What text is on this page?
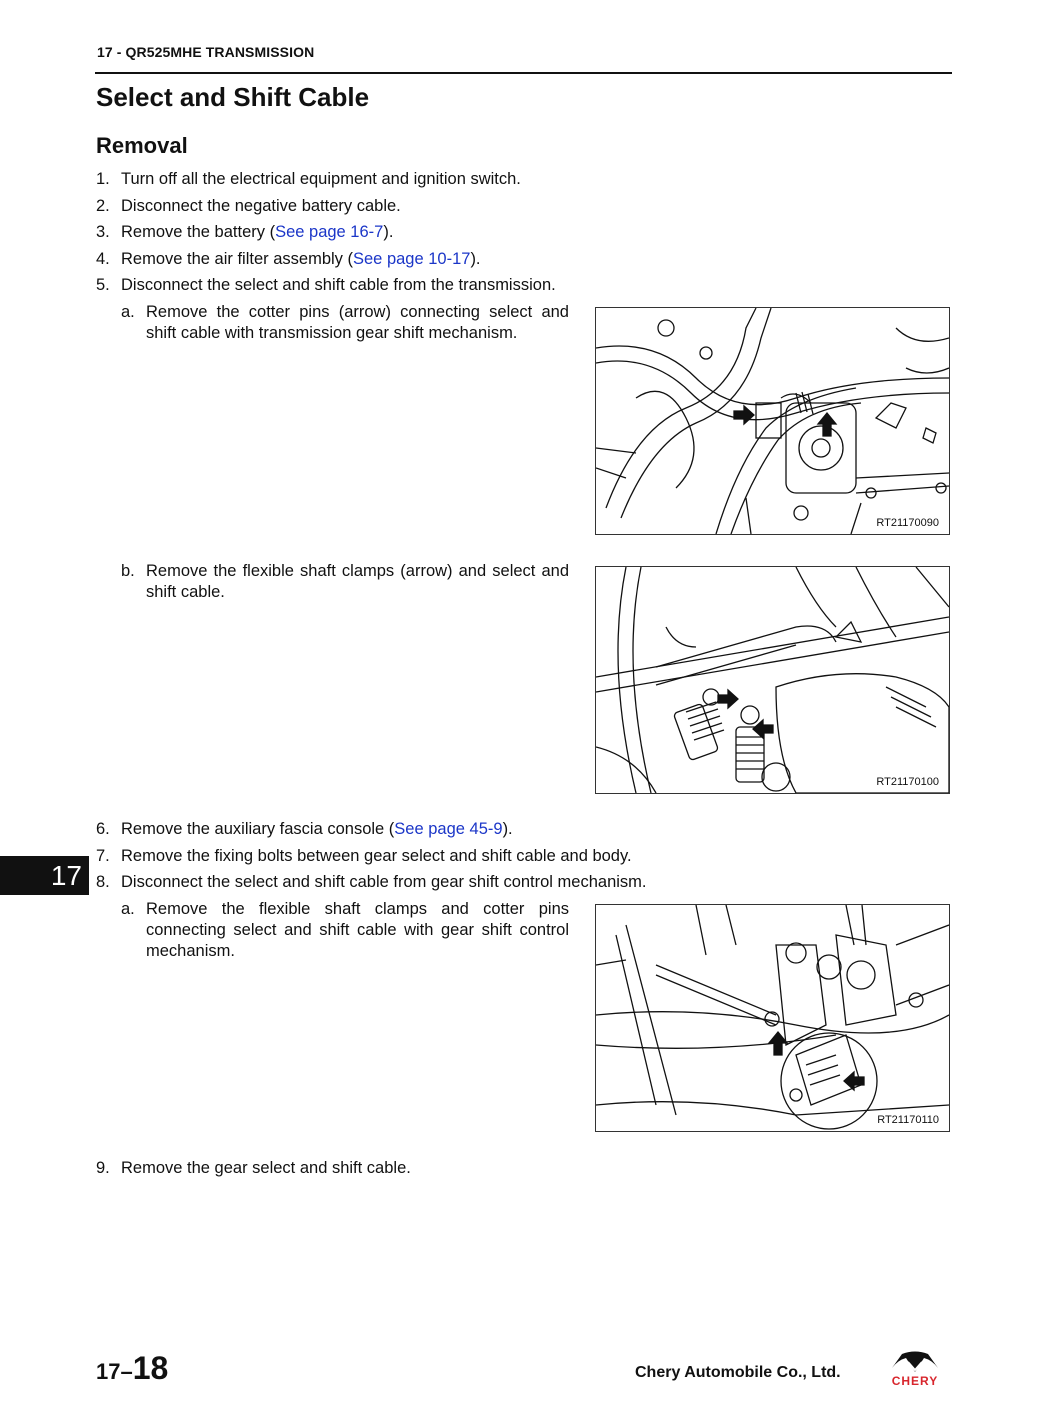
17 - QR525MHE TRANSMISSION
Select and Shift Cable
Removal
1. Turn off all the electrical equipment and ignition switch.
2. Disconnect the negative battery cable.
3. Remove the battery (See page 16-7).
4. Remove the air filter assembly (See page 10-17).
5. Disconnect the select and shift cable from the transmission.
a. Remove the cotter pins (arrow) connecting select and shift cable with transmission gear shift mechanism.
RT21170090
b. Remove the flexible shaft clamps (arrow) and select and shift cable.
RT21170100
6. Remove the auxiliary fascia console (See page 45-9).
7. Remove the fixing bolts between gear select and shift cable and body.
8. Disconnect the select and shift cable from gear shift control mechanism.
a. Remove the flexible shaft clamps and cotter pins connecting select and shift cable with gear shift control mechanism.
RT21170110
9. Remove the gear select and shift cable.
17
17–18	Chery Automobile Co., Ltd.	CHERY
